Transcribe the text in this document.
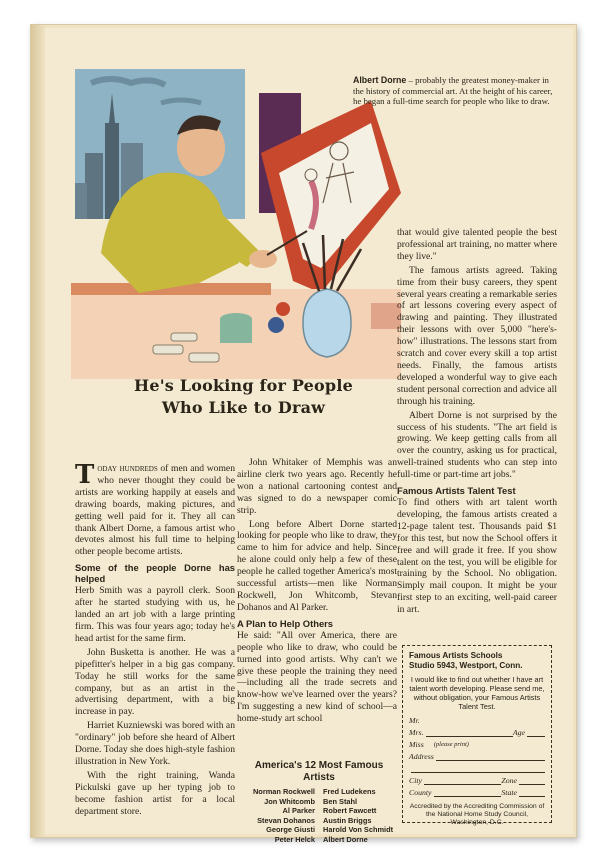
Albert Dorne – probably the greatest money-maker in the history of commercial art. At the height of his career, he began a full-time search for people who like to draw.
He's Looking for People
Who Like to Draw

Today hundreds of men and women who never thought they could be artists are working happily at easels and drawing boards, making pictures, and getting well paid for it. They all can thank Albert Dorne, a famous artist who devotes almost his full time to helping other people become artists.

Some of the people Dorne has helped

Herb Smith was a payroll clerk. Soon after he started studying with us, he landed an art job with a large printing firm. This was four years ago; today he's head artist for the same firm.

John Busketta is another. He was a pipefitter's helper in a big gas company. Today he still works for the same company, but as an artist in the advertising department, with a big increase in pay.

Harriet Kuzniewski was bored with an "ordinary" job before she heard of Albert Dorne. Today she does high-style fashion illustration in New York.

With the right training, Wanda Pickulski gave up her typing job to become fashion artist for a local department store.

John Whitaker of Memphis was an airline clerk two years ago. Recently he won a national cartooning contest and was signed to do a newspaper comic strip.

Long before Albert Dorne started looking for people who like to draw, they came to him for advice and help. Since he alone could only help a few of these people he called together America's most successful artists—men like Norman Rockwell, Jon Whitcomb, Stevan Dohanos and Al Parker.

A Plan to Help Others

He said: "All over America, there are people who like to draw, who could be turned into good artists. Why can't we give these people the training they need—including all the trade secrets and know-how we've learned over the years? I'm suggesting a new kind of school—a home-study art school

America's 12 Most Famous Artists
Norman Rockwell	Fred Ludekens
Jon Whitcomb	Ben Stahl
Al Parker	Robert Fawcett
Stevan Dohanos	Austin Briggs
George Giusti	Harold Von Schmidt
Peter Helck	Albert Dorne

that would give talented people the best professional art training, no matter where they live."

The famous artists agreed. Taking time from their busy careers, they spent several years creating a remarkable series of art lessons covering every aspect of drawing and painting. They illustrated their lessons with over 5,000 "here's-how" illustrations. The lessons start from scratch and cover every skill a top artist needs. Finally, the famous artists developed a wonderful way to give each student personal correction and advice all through his training.

Albert Dorne is not surprised by the success of his students. "The art field is growing. We keep getting calls from all over the country, asking us for practical, well-trained students who can step into full-time or part-time art jobs."

Famous Artists Talent Test

To find others with art talent worth developing, the famous artists created a 12-page talent test. Thousands paid $1 for this test, but now the School offers it free and will grade it free. If you show talent on the test, you will be eligible for training by the School. No obligation. Simply mail coupon. It might be your first step to an exciting, well-paid career in art.

Famous Artists Schools
Studio 5943, Westport, Conn.
I would like to find out whether I have art talent worth developing. Please send me, without obligation, your Famous Artists Talent Test.
Mr.
Mrs.	Age
Miss (please print)
Address
City	Zone
County	State
Accredited by the Accrediting Commission of the National Home Study Council, Washington, D.C.
